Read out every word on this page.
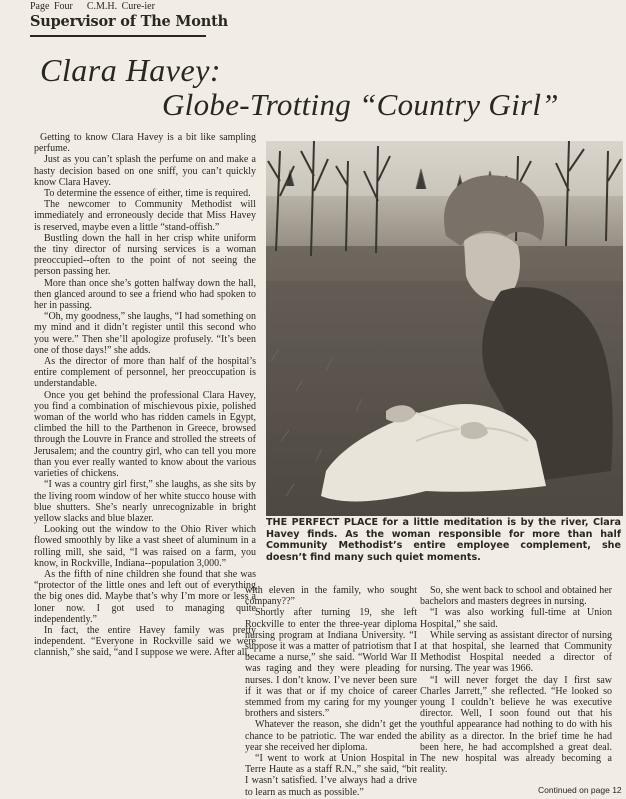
Page Four C.M.H. Cure-ier
Supervisor of The Month
Clara Havey:
Globe-Trotting “Country Girl”

Getting to know Clara Havey is a bit like sampling perfume.

Just as you can’t splash the perfume on and make a hasty decision based on one sniff, you can’t quickly know Clara Havey.

To determine the essence of either, time is required.

The newcomer to Community Methodist will immediately and erroneously decide that Miss Havey is reserved, maybe even a little “stand-offish.”

Bustling down the hall in her crisp white uniform the tiny director of nursing services is a woman preoccupied--often to the point of not seeing the person passing her.

More than once she’s gotten halfway down the hall, then glanced around to see a friend who had spoken to her in passing.

“Oh, my goodness,” she laughs, “I had something on my mind and it didn’t register until this second who you were.” Then she’ll apologize profusely. “It’s been one of those days!” she adds.

As the director of more than half of the hospital’s entire complement of personnel, her preoccupation is understandable.

Once you get behind the professional Clara Havey, you find a combination of mischievous pixie, polished woman of the world who has ridden camels in Egypt, climbed the hill to the Parthenon in Greece, browsed through the Louvre in France and strolled the streets of Jerusalem; and the country girl, who can tell you more than you ever really wanted to know about the various varieties of chickens.

“I was a country girl first,” she laughs, as she sits by the living room window of her white stucco house with blue shutters. She’s nearly unrecognizable in bright yellow slacks and blue blazer.

Looking out the window to the Ohio River which flowed smoothly by like a vast sheet of aluminum in a rolling mill, she said, “I was raised on a farm, you know, in Rockville, Indiana--population 3,000.”

As the fifth of nine children she found that she was “protector of the little ones and left out of everything the big ones did. Maybe that’s why I’m more or less a loner now. I got used to managing quite independently.”

In fact, the entire Havey family was pretty independent. “Everyone in Rockville said we were clannish,” she said, “and I suppose we were. After all,

THE PERFECT PLACE for a little meditation is by the river, Clara Havey finds. As the woman responsible for more than half Community Methodist’s entire employee complement, she doesn’t find many such quiet moments.

with eleven in the family, who sought company??”

Shortly after turning 19, she left Rockville to enter the three-year diploma nursing program at Indiana University. “I suppose it was a matter of patriotism that I became a nurse,” she said. “World War II was raging and they were pleading for nurses. I don’t know. I’ve never been sure if it was that or if my choice of career stemmed from my caring for my younger brothers and sisters.”

Whatever the reason, she didn’t get the chance to be patriotic. The war ended the year she received her diploma.

“I went to work at Union Hospital in Terre Haute as a staff R.N.,” she said, “bit I wasn’t satisfied. I’ve always had a drive to learn as much as possible.”

So, she went back to school and obtained her bachelors and masters degrees in nursing.

“I was also working full-time at Union Hospital,” she said.

While serving as assistant director of nursing at that hospital, she learned that Community Methodist Hospital needed a director of nursing. The year was 1966.

“I will never forget the day I first saw Charles Jarrett,” she reflected. “He looked so young I couldn’t believe he was executive director. Well, I soon found out that his youthful appearance had nothing to do with his ability as a director. In the brief time he had been here, he had accomplshed a great deal. The new hospital was already becoming a reality.

Continued on page 12
